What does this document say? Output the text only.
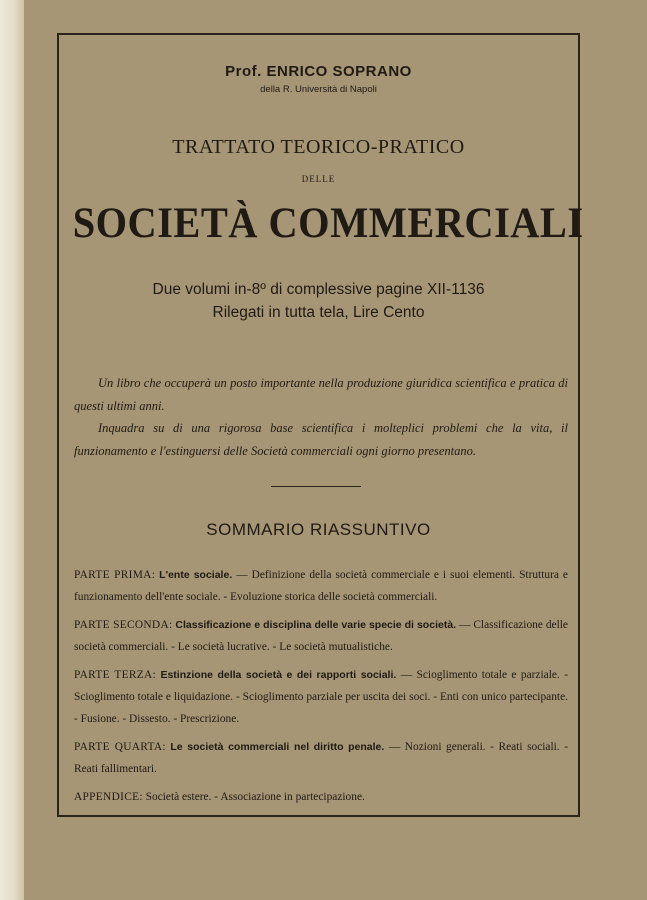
Prof. ENRICO SOPRANO
della R. Università di Napoli
TRATTATO TEORICO-PRATICO
DELLE
SOCIETÀ COMMERCIALI
Due volumi in-8º di complessive pagine XII-1136
Rilegati in tutta tela, Lire Cento

Un libro che occuperà un posto importante nella produzione giuridica scientifica e pratica di questi ultimi anni.

Inquadra su di una rigorosa base scientifica i molteplici problemi che la vita, il funzionamento e l'estinguersi delle Società commerciali ogni giorno presentano.

SOMMARIO RIASSUNTIVO

PARTE PRIMA: L'ente sociale. — Definizione della società commerciale e i suoi elementi. Struttura e funzionamento dell'ente sociale. - Evoluzione storica delle società commerciali.

PARTE SECONDA: Classificazione e disciplina delle varie specie di società. — Classificazione delle società commerciali. - Le società lucrative. - Le società mutualistiche.

PARTE TERZA: Estinzione della società e dei rapporti sociali. — Scioglimento totale e parziale. - Scioglimento totale e liquidazione. - Scioglimento parziale per uscita dei soci. - Enti con unico partecipante. - Fusione. - Dissesto. - Prescrizione.

PARTE QUARTA: Le società commerciali nel diritto penale. — Nozioni generali. - Reati sociali. - Reati fallimentari.

APPENDICE: Società estere. - Associazione in partecipazione.
